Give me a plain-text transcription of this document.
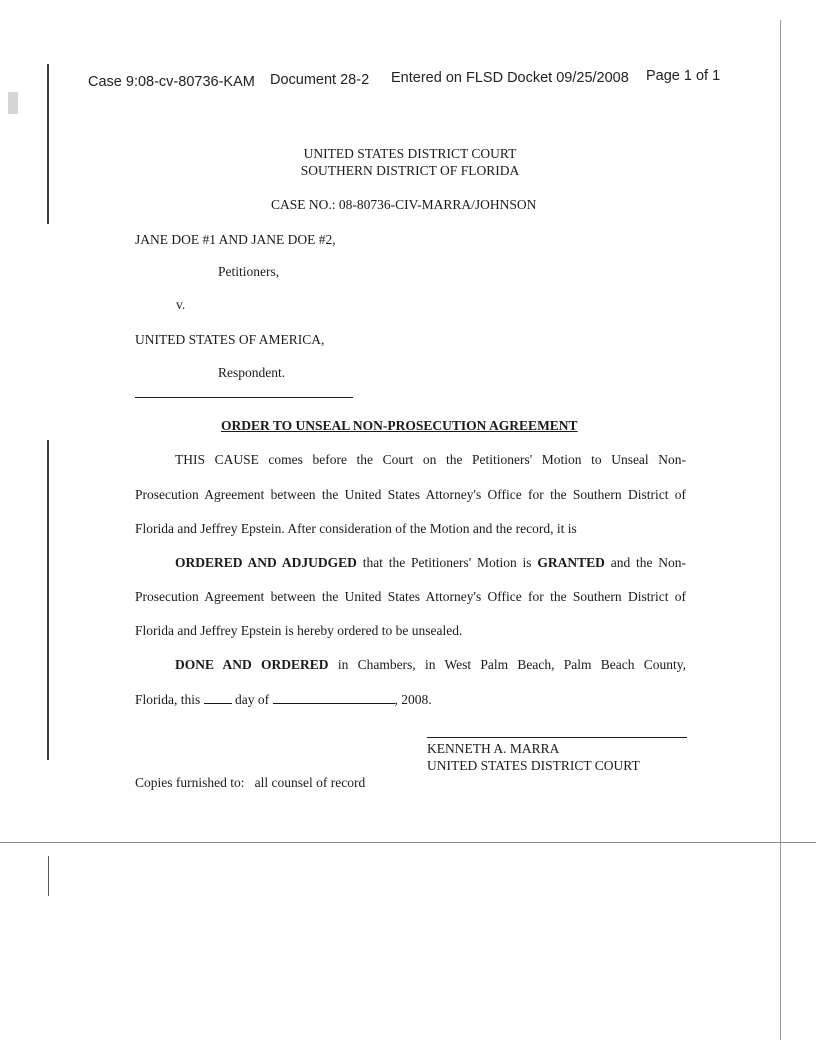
Case 9:08-cv-80736-KAM Document 28-2 Entered on FLSD Docket 09/25/2008 Page 1 of 1
UNITED STATES DISTRICT COURT
SOUTHERN DISTRICT OF FLORIDA
CASE NO.: 08-80736-CIV-MARRA/JOHNSON
JANE DOE #1 AND JANE DOE #2,
Petitioners,
v.
UNITED STATES OF AMERICA,
Respondent.
ORDER TO UNSEAL NON-PROSECUTION AGREEMENT
THIS CAUSE comes before the Court on the Petitioners' Motion to Unseal Non-
Prosecution Agreement between the United States Attorney's Office for the Southern District of
Florida and Jeffrey Epstein. After consideration of the Motion and the record, it is
ORDERED AND ADJUDGED that the Petitioners' Motion is GRANTED and the Non-
Prosecution Agreement between the United States Attorney's Office for the Southern District of
Florida and Jeffrey Epstein is hereby ordered to be unsealed.
DONE AND ORDERED in Chambers, in West Palm Beach, Palm Beach County,
Florida, this	day of	, 2008.
KENNETH A. MARRA
UNITED STATES DISTRICT COURT
Copies furnished to: all counsel of record
